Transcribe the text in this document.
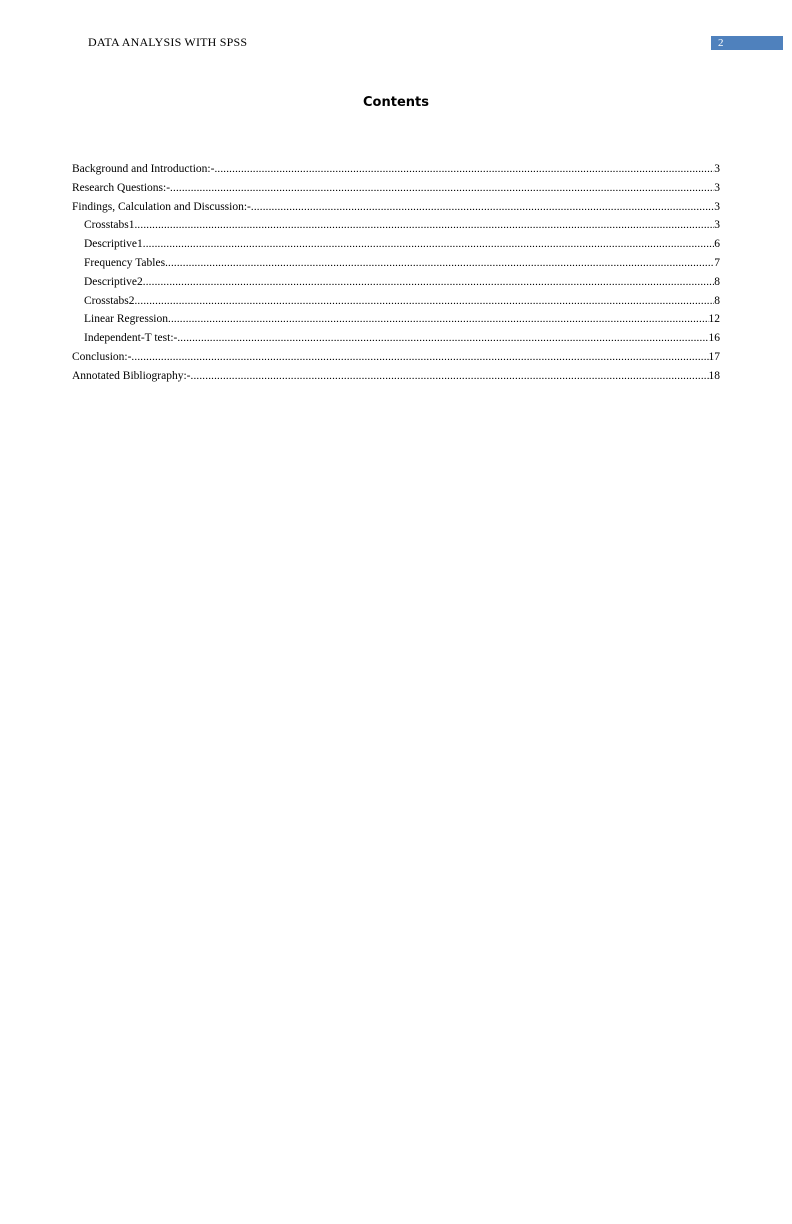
DATA ANALYSIS WITH SPSS	2
Contents
Background and Introduction:- .....	3
Research Questions:- .....	3
Findings, Calculation and Discussion:- .....	3
Crosstabs1 .....	3
Descriptive1 .....	6
Frequency Tables .....	7
Descriptive2 .....	8
Crosstabs2 .....	8
Linear Regression .....	12
Independent-T test:- .....	16
Conclusion:- .....	17
Annotated Bibliography:- .....	18
